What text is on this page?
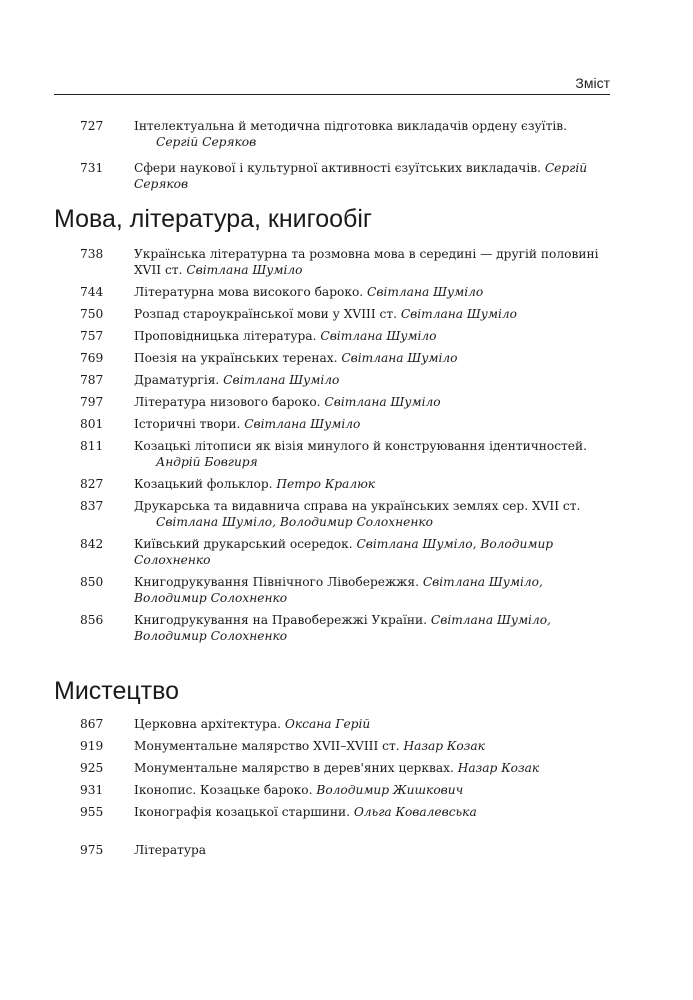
Зміст
727	Інтелектуальна й методична підготовка викладачів ордену єзуїтів.
Сергій Серяков
731	Сфери наукової і культурної активності єзуїтських викладачів. Сергій Серяков
Мова, література, книгообіг
738	Українська літературна та розмовна мова в середині — другій половині XVII ст. Світлана Шуміло
744	Літературна мова високого бароко. Світлана Шуміло
750	Розпад староукраїнської мови у XVIII ст. Світлана Шуміло
757	Проповідницька література. Світлана Шуміло
769	Поезія на українських теренах. Світлана Шуміло
787	Драматургія. Світлана Шуміло
797	Література низового бароко. Світлана Шуміло
801	Історичні твори. Світлана Шуміло
811	Козацькі літописи як візія минулого й конструювання ідентичностей.
Андрій Бовгиря
827	Козацький фольклор. Петро Кралюк
837	Друкарська та видавнича справа на українських землях сер. XVII ст.
Світлана Шуміло, Володимир Солохненко
842	Київський друкарський осередок. Світлана Шуміло, Володимир Солохненко
850	Книгодрукування Північного Лівобережжя. Світлана Шуміло, Володимир Солохненко
856	Книгодрукування на Правобережжі України. Світлана Шуміло, Володимир Солохненко
Мистецтво
867	Церковна архітектура. Оксана Герій
919	Монументальне малярство XVII–XVIII ст. Назар Козак
925	Монументальне малярство в дерев'яних церквах. Назар Козак
931	Іконопис. Козацьке бароко. Володимир Жишкович
955	Іконографія козацької старшини. Ольга Ковалевська
975	Література
